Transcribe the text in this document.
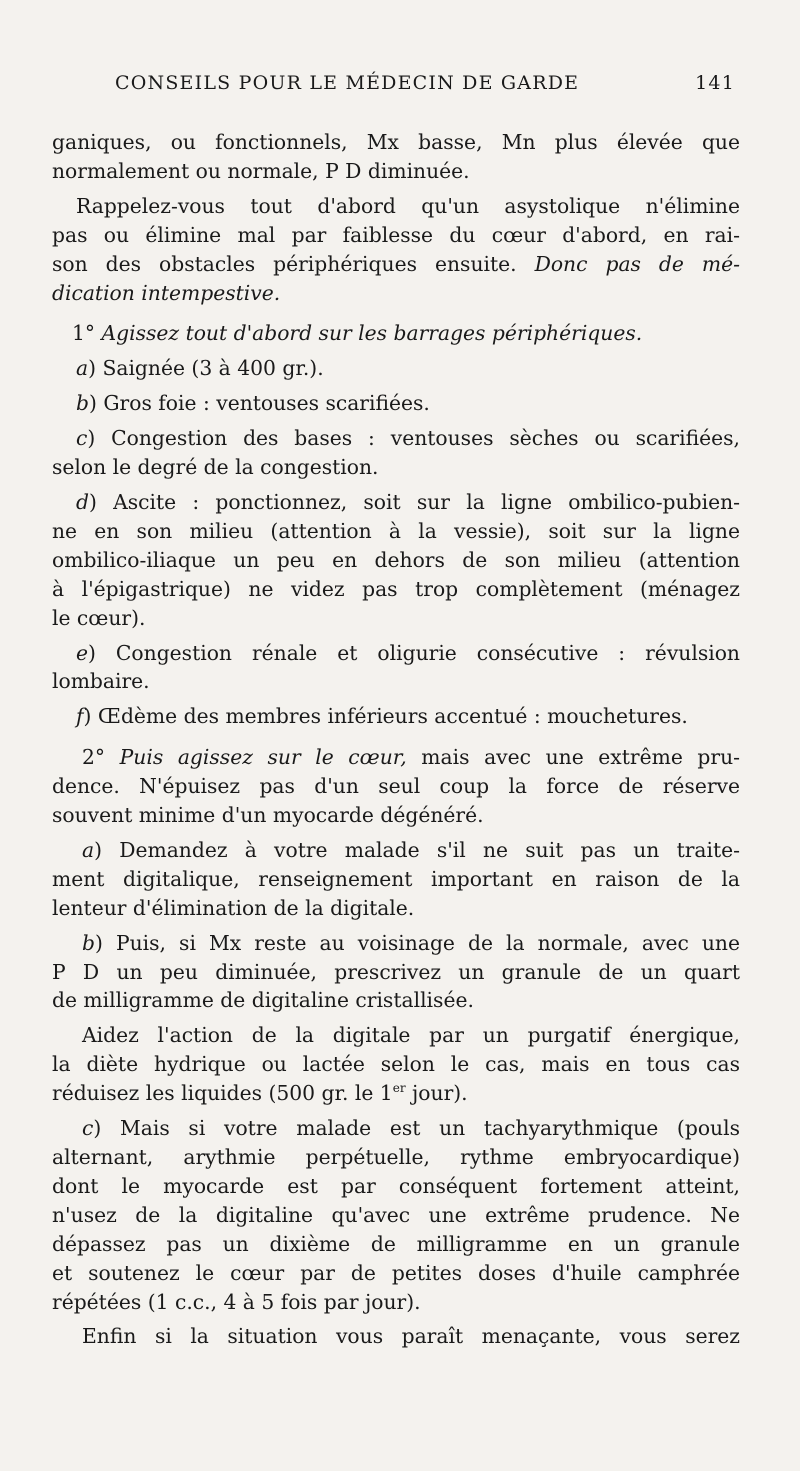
CONSEILS POUR LE MÉDECIN DE GARDE	141
ganiques, ou fonctionnels, Mx basse, Mn plus élevée que
normalement ou normale, P D diminuée.
Rappelez-vous tout d'abord qu'un asystolique n'élimine
pas ou élimine mal par faiblesse du cœur d'abord, en rai-
son des obstacles périphériques ensuite. Donc pas de mé-
dication intempestive.
1° Agissez tout d'abord sur les barrages périphériques.
a) Saignée (3 à 400 gr.).
b) Gros foie : ventouses scarifiées.
c) Congestion des bases : ventouses sèches ou scarifiées,
selon le degré de la congestion.
d) Ascite : ponctionnez, soit sur la ligne ombilico-pubien-
ne en son milieu (attention à la vessie), soit sur la ligne
ombilico-iliaque un peu en dehors de son milieu (attention
à l'épigastrique) ne videz pas trop complètement (ménagez
le cœur).
e) Congestion rénale et oligurie consécutive : révulsion
lombaire.
f) Œdème des membres inférieurs accentué : mouchetures.
2° Puis agissez sur le cœur, mais avec une extrême pru-
dence. N'épuisez pas d'un seul coup la force de réserve
souvent minime d'un myocarde dégénéré.
a) Demandez à votre malade s'il ne suit pas un traite-
ment digitalique, renseignement important en raison de la
lenteur d'élimination de la digitale.
b) Puis, si Mx reste au voisinage de la normale, avec une
P D un peu diminuée, prescrivez un granule de un quart
de milligramme de digitaline cristallisée.
Aidez l'action de la digitale par un purgatif énergique,
la diète hydrique ou lactée selon le cas, mais en tous cas
réduisez les liquides (500 gr. le 1er jour).
c) Mais si votre malade est un tachyarythmique (pouls
alternant, arythmie perpétuelle, rythme embryocardique)
dont le myocarde est par conséquent fortement atteint,
n'usez de la digitaline qu'avec une extrême prudence. Ne
dépassez pas un dixième de milligramme en un granule
et soutenez le cœur par de petites doses d'huile camphrée
répétées (1 c.c., 4 à 5 fois par jour).
Enfin si la situation vous paraît menaçante, vous serez
